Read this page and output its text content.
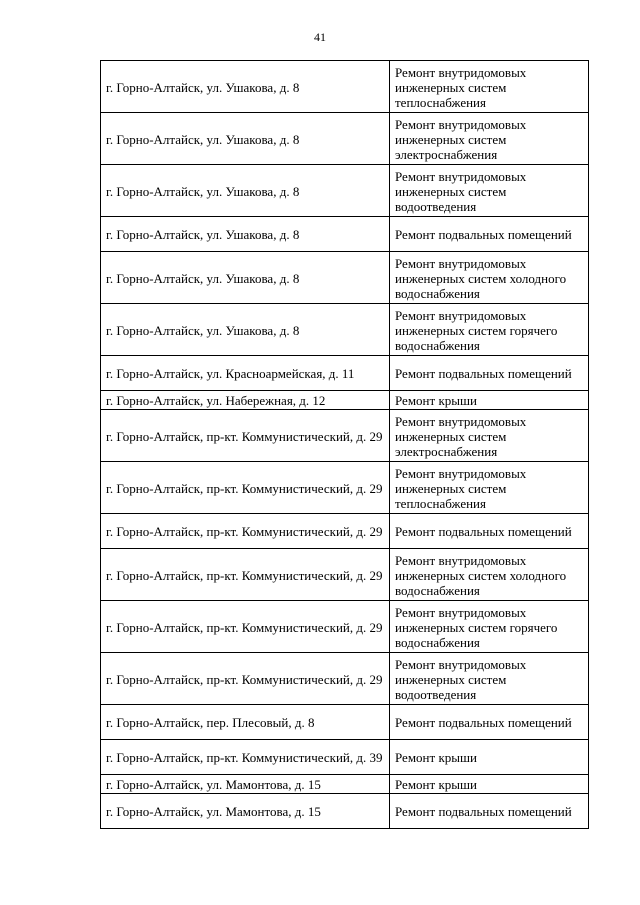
41
г. Горно-Алтайск, ул. Ушакова, д. 8	Ремонт внутридомовых инженерных систем теплоснабжения
г. Горно-Алтайск, ул. Ушакова, д. 8	Ремонт внутридомовых инженерных систем электроснабжения
г. Горно-Алтайск, ул. Ушакова, д. 8	Ремонт внутридомовых инженерных систем водоотведения
г. Горно-Алтайск, ул. Ушакова, д. 8	Ремонт подвальных помещений
г. Горно-Алтайск, ул. Ушакова, д. 8	Ремонт внутридомовых инженерных систем холодного водоснабжения
г. Горно-Алтайск, ул. Ушакова, д. 8	Ремонт внутридомовых инженерных систем горячего водоснабжения
г. Горно-Алтайск, ул. Красноармейская, д. 11	Ремонт подвальных помещений
г. Горно-Алтайск, ул. Набережная, д. 12	Ремонт крыши
г. Горно-Алтайск, пр-кт. Коммунистический, д. 29	Ремонт внутридомовых инженерных систем электроснабжения
г. Горно-Алтайск, пр-кт. Коммунистический, д. 29	Ремонт внутридомовых инженерных систем теплоснабжения
г. Горно-Алтайск, пр-кт. Коммунистический, д. 29	Ремонт подвальных помещений
г. Горно-Алтайск, пр-кт. Коммунистический, д. 29	Ремонт внутридомовых инженерных систем холодного водоснабжения
г. Горно-Алтайск, пр-кт. Коммунистический, д. 29	Ремонт внутридомовых инженерных систем горячего водоснабжения
г. Горно-Алтайск, пр-кт. Коммунистический, д. 29	Ремонт внутридомовых инженерных систем водоотведения
г. Горно-Алтайск, пер. Плесовый, д. 8	Ремонт подвальных помещений
г. Горно-Алтайск, пр-кт. Коммунистический, д. 39	Ремонт крыши
г. Горно-Алтайск, ул. Мамонтова, д. 15	Ремонт крыши
г. Горно-Алтайск, ул. Мамонтова, д. 15	Ремонт подвальных помещений
